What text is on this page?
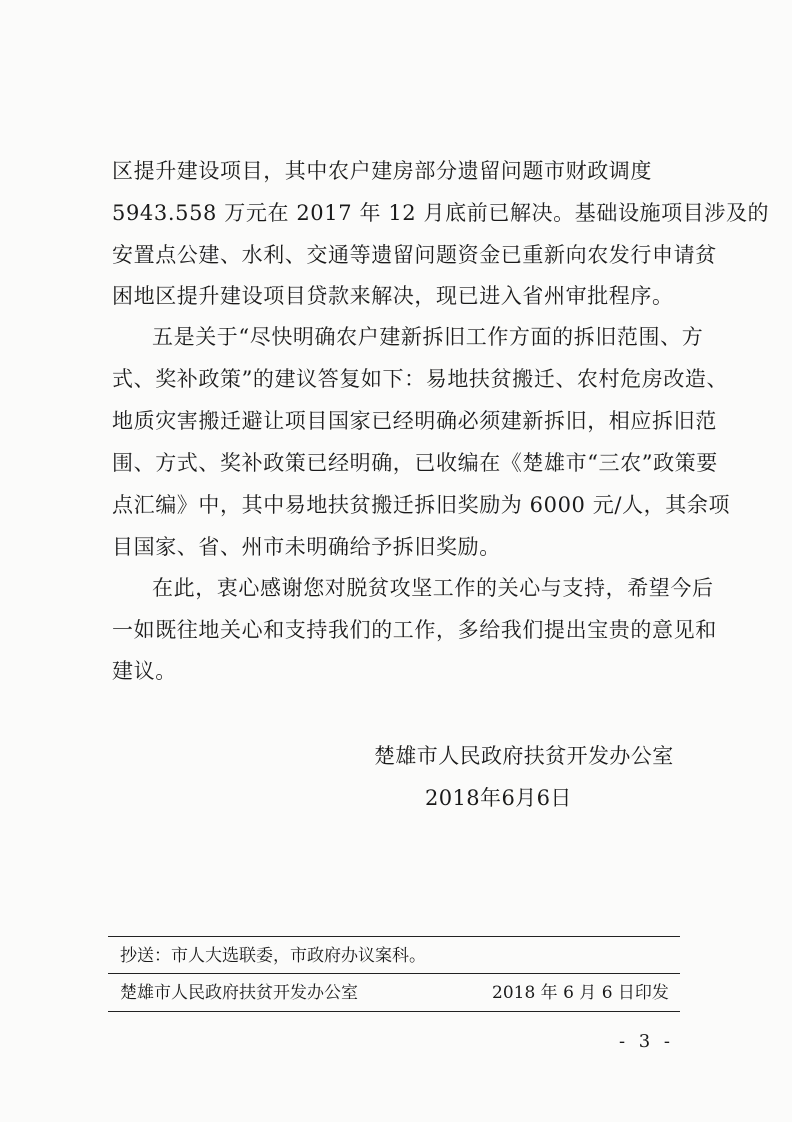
区提升建设项目，其中农户建房部分遗留问题市财政调度
5943.558 万元在 2017 年 12 月底前已解决。基础设施项目涉及的
安置点公建、水利、交通等遗留问题资金已重新向农发行申请贫
困地区提升建设项目贷款来解决，现已进入省州审批程序。
五是关于“尽快明确农户建新拆旧工作方面的拆旧范围、方
式、奖补政策”的建议答复如下：易地扶贫搬迁、农村危房改造、
地质灾害搬迁避让项目国家已经明确必须建新拆旧，相应拆旧范
围、方式、奖补政策已经明确，已收编在《楚雄市“三农”政策要
点汇编》中，其中易地扶贫搬迁拆旧奖励为 6000 元/人，其余项
目国家、省、州市未明确给予拆旧奖励。
在此，衷心感谢您对脱贫攻坚工作的关心与支持，希望今后
一如既往地关心和支持我们的工作，多给我们提出宝贵的意见和
建议。
楚雄市人民政府扶贫开发办公室
2018年6月6日
抄送：市人大选联委，市政府办议案科。
楚雄市人民政府扶贫开发办公室	2018 年 6 月 6 日印发
- 3 -
